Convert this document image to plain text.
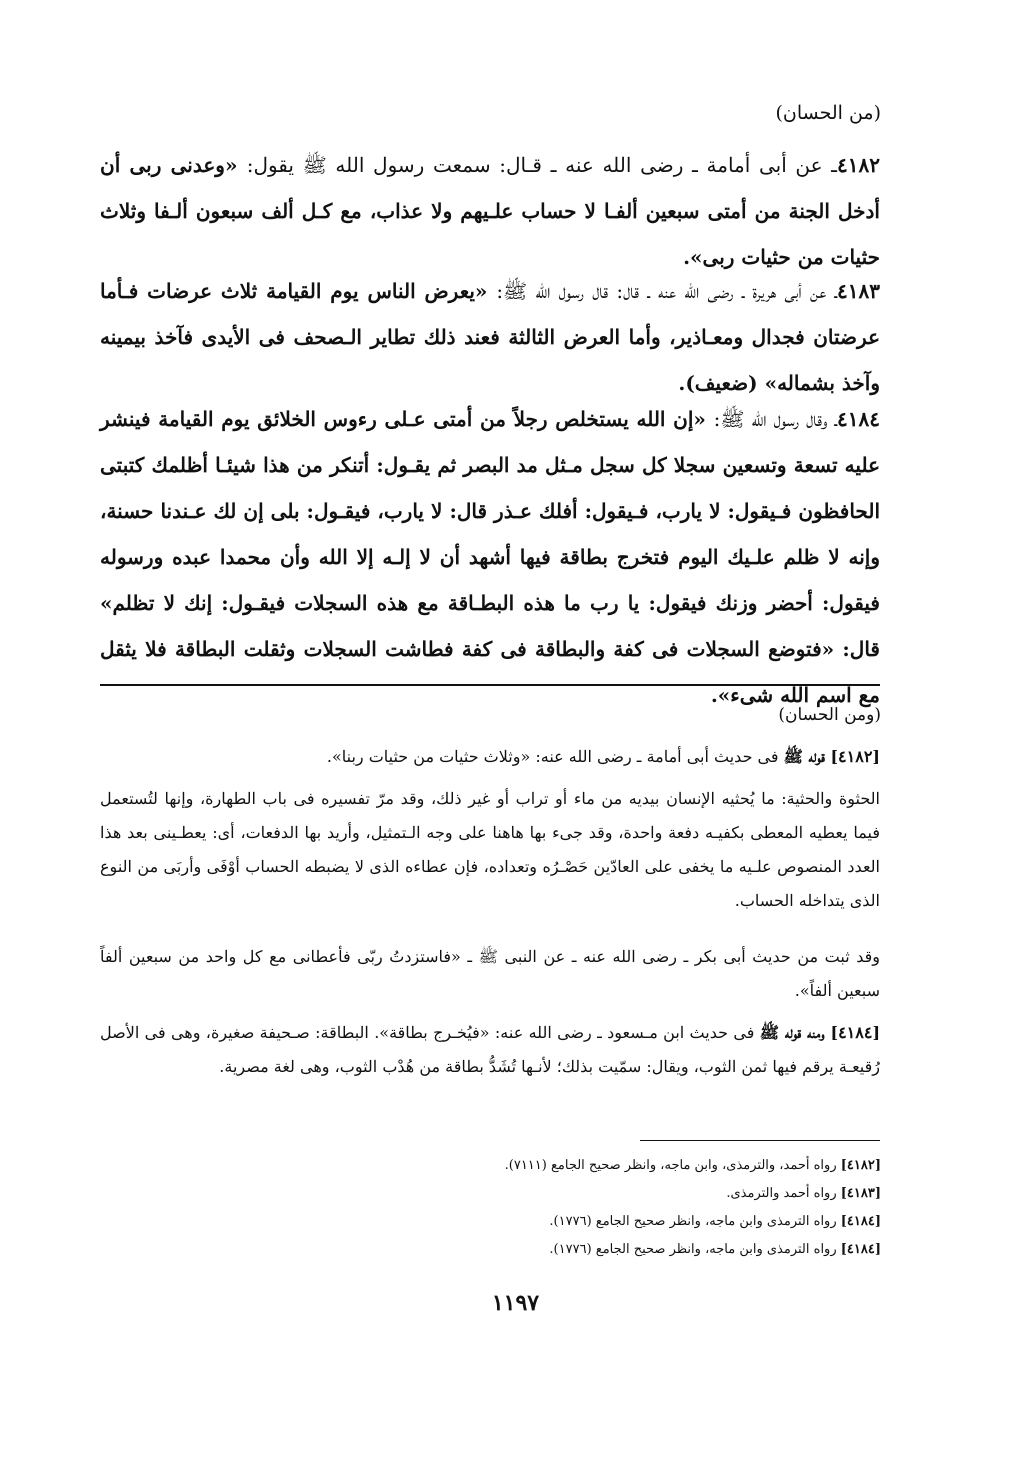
(من الحسان)
٤١٨٢ـ عن أبى أمامة ـ رضى الله عنه ـ قـال: سمعت رسول الله ﷺ يقول: «وعدنى ربى أن أدخل الجنة من أمتى سبعين ألفـا لا حساب علـيهم ولا عذاب، مع كـل ألف سبعون ألـفا وثلاث حثيات من حثيات ربى».
٤١٨٣ـ عن أبى هريرة ـ رضى الله عنه ـ قال: قال رسول الله ﷺ: «يعرض الناس يوم القيامة ثلاث عرضات فـأما عرضتان فجدال ومعـاذير، وأما العرض الثالثة فعند ذلك تطاير الـصحف فى الأيدى فآخذ بيمينه وآخذ بشماله» (ضعيف).
٤١٨٤ـ وقال رسول الله ﷺ: «إن الله يستخلص رجلاً من أمتى عـلى رءوس الخلائق يوم القيامة فينشر عليه تسعة وتسعين سجلا كل سجل مـثل مد البصر ثم يقـول: أتنكر من هذا شيئـا أظلمك كتبتى الحافظون فـيقول: لا يارب، فـيقول: أفلك عـذر قال: لا يارب، فيقـول: بلى إن لك عـندنا حسنة، وإنه لا ظلم علـيك اليوم فتخرج بطاقة فيها أشهد أن لا إلـه إلا الله وأن محمدا عبده ورسوله فيقول: أحضر وزنك فيقول: يا رب ما هذه البطـاقة مع هذه السجلات فيقـول: إنك لا تظلم» قال: «فتوضع السجلات فى كفة والبطاقة فى كفة فطاشت السجلات وثقلت البطاقة فلا يثقل مع اسم الله شىء».
(ومن الحسان)
[٤١٨٢] قوله ﷺ فى حديث أبى أمامة ـ رضى الله عنه: «وثلاث حثيات من حثيات ربنا».
الحثوة والحثية: ما يُحثيه الإنسان بيديه من ماء أو تراب أو غير ذلك، وقد مرّ تفسيره فى باب الطهارة، وإنها لتُستعمل فيما يعطيه المعطى بكفيـه دفعة واحدة، وقد جىء بها هاهنا على وجه الـتمثيل، وأريد بها الدفعات، أى: يعطـينى بعد هذا العدد المنصوص علـيه ما يخفى على العادّين حَصْـرُه وتعداده، فإن عطاءه الذى لا يضبطه الحساب أوْفَى وأربَى من النوع الذى يتداخله الحساب.
وقد ثبت من حديث أبى بكر ـ رضى الله عنه ـ عن النبى ﷺ ـ «فاستزدتُ ربّى فأعطانى مع كل واحد من سبعين ألفاً سبعين ألفاً».
[٤١٨٤] ومنه قوله ﷺ فى حديث ابن مـسعود ـ رضى الله عنه: «فيُخـرج بطاقة». البطاقة: صـحيفة صغيرة، وهى فى الأصل رُقيعـة يرقم فيها ثمن الثوب، ويقال: سمّيت بذلك؛ لأنـها تُشَدُّ بطاقة من هُدْب الثوب، وهى لغة مصرية.
[٤١٨٢] رواه أحمد، والترمذى، وابن ماجه، وانظر صحيح الجامع (٧١١١).
[٤١٨٣] رواه أحمد والترمذى.
[٤١٨٤] رواه الترمذى وابن ماجه، وانظر صحيح الجامع (١٧٧٦).
[٤١٨٤] رواه الترمذى وابن ماجه، وانظر صحيح الجامع (١٧٧٦).
١١٩٧
